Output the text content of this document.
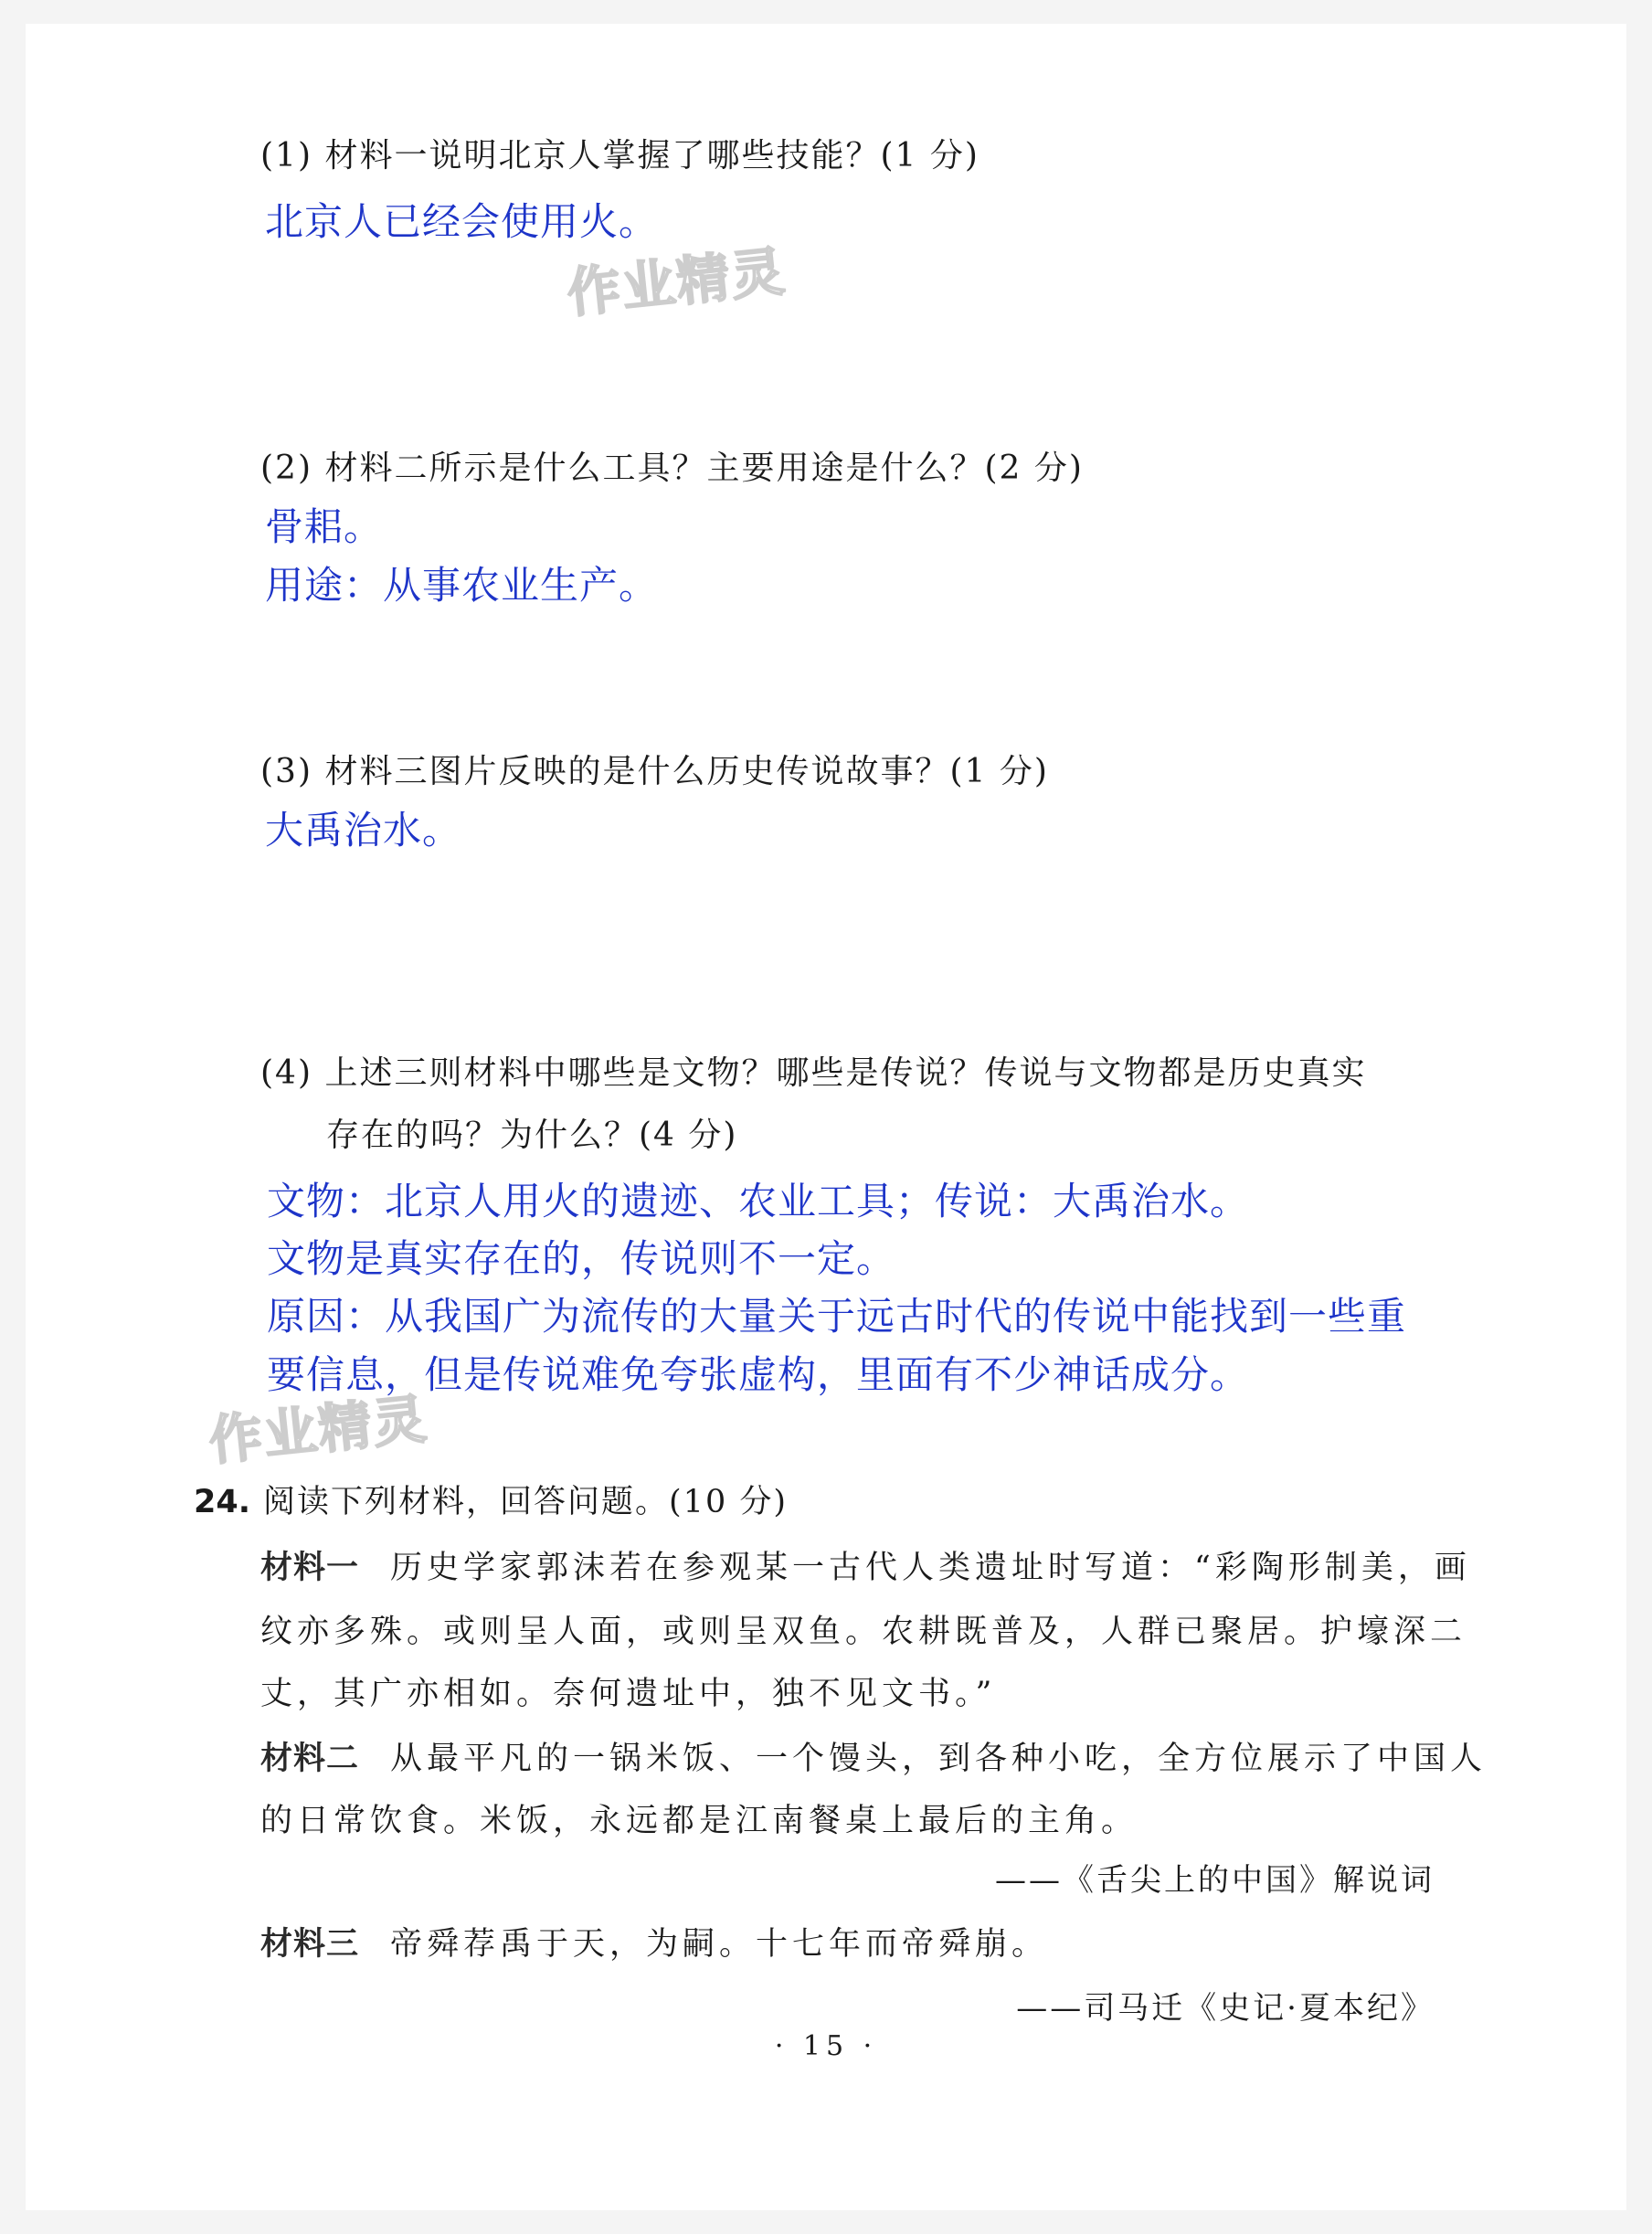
(1) 材料一说明北京人掌握了哪些技能？(1 分)
北京人已经会使用火。
作业精灵
(2) 材料二所示是什么工具？主要用途是什么？(2 分)
骨耜。
用途：从事农业生产。
(3) 材料三图片反映的是什么历史传说故事？(1 分)
大禹治水。
(4) 上述三则材料中哪些是文物？哪些是传说？传说与文物都是历史真实
存在的吗？为什么？(4 分)
文物：北京人用火的遗迹、农业工具；传说：大禹治水。
文物是真实存在的，传说则不一定。
原因：从我国广为流传的大量关于远古时代的传说中能找到一些重
要信息，但是传说难免夸张虚构，里面有不少神话成分。
作业精灵
24. 阅读下列材料，回答问题。(10 分)
材料一 历史学家郭沫若在参观某一古代人类遗址时写道：“彩陶形制美，画
纹亦多殊。或则呈人面，或则呈双鱼。农耕既普及，人群已聚居。护壕深二
丈，其广亦相如。奈何遗址中，独不见文书。”
材料二 从最平凡的一锅米饭、一个馒头，到各种小吃，全方位展示了中国人
的日常饮食。米饭，永远都是江南餐桌上最后的主角。
——《舌尖上的中国》解说词
材料三 帝舜荐禹于天，为嗣。十七年而帝舜崩。
——司马迁《史记·夏本纪》
· 15 ·
